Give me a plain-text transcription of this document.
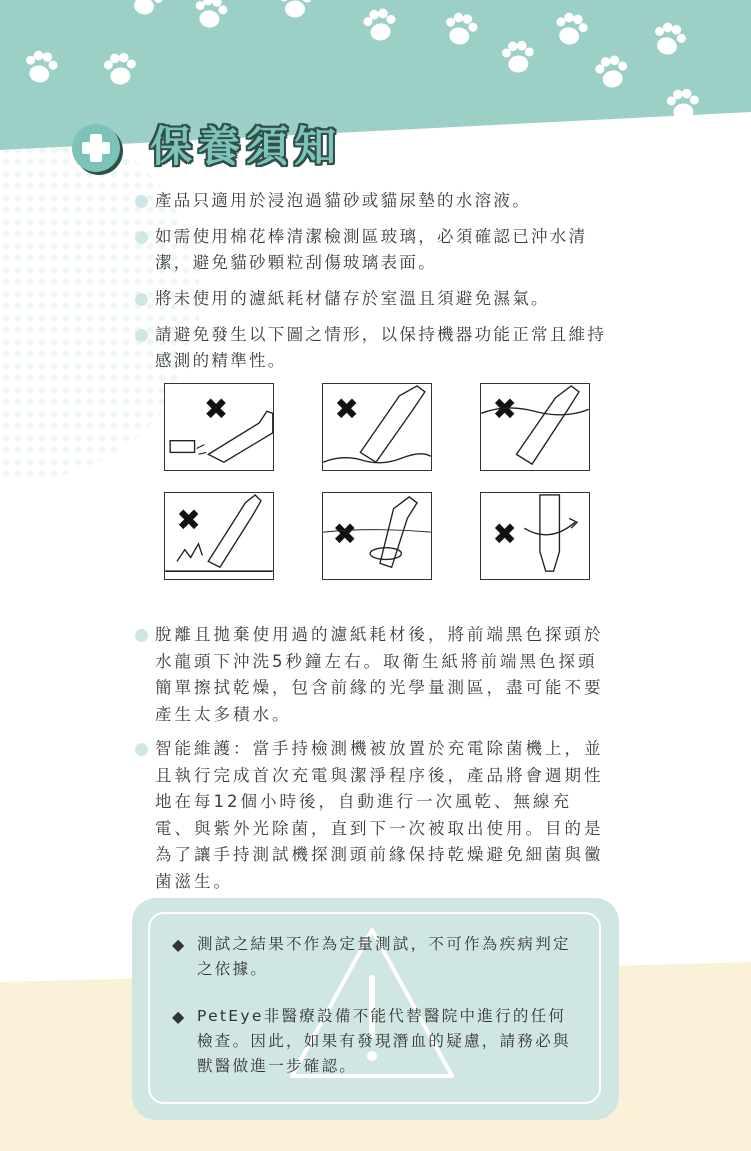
保養須知
產品只適用於浸泡過貓砂或貓尿墊的水溶液。
如需使用棉花棒清潔檢測區玻璃，必須確認已沖水清潔，避免貓砂顆粒刮傷玻璃表面。
將未使用的濾紙耗材儲存於室溫且須避免濕氣。
請避免發生以下圖之情形，以保持機器功能正常且維持感測的精準性。
✖	✖	✖
✖	✖	✖
脫離且拋棄使用過的濾紙耗材後，將前端黑色探頭於水龍頭下沖洗5秒鐘左右。取衛生紙將前端黑色探頭簡單擦拭乾燥，包含前緣的光學量測區，盡可能不要產生太多積水。
智能維護：當手持檢測機被放置於充電除菌機上，並且執行完成首次充電與潔淨程序後，產品將會週期性地在每12個小時後，自動進行一次風乾、無線充電、與紫外光除菌，直到下一次被取出使用。目的是為了讓手持測試機探測頭前緣保持乾燥避免細菌與黴菌滋生。
◆ 測試之結果不作為定量測試，不可作為疾病判定之依據。
◆ PetEye非醫療設備不能代替醫院中進行的任何檢查。因此，如果有發現潛血的疑慮，請務必與獸醫做進一步確認。
